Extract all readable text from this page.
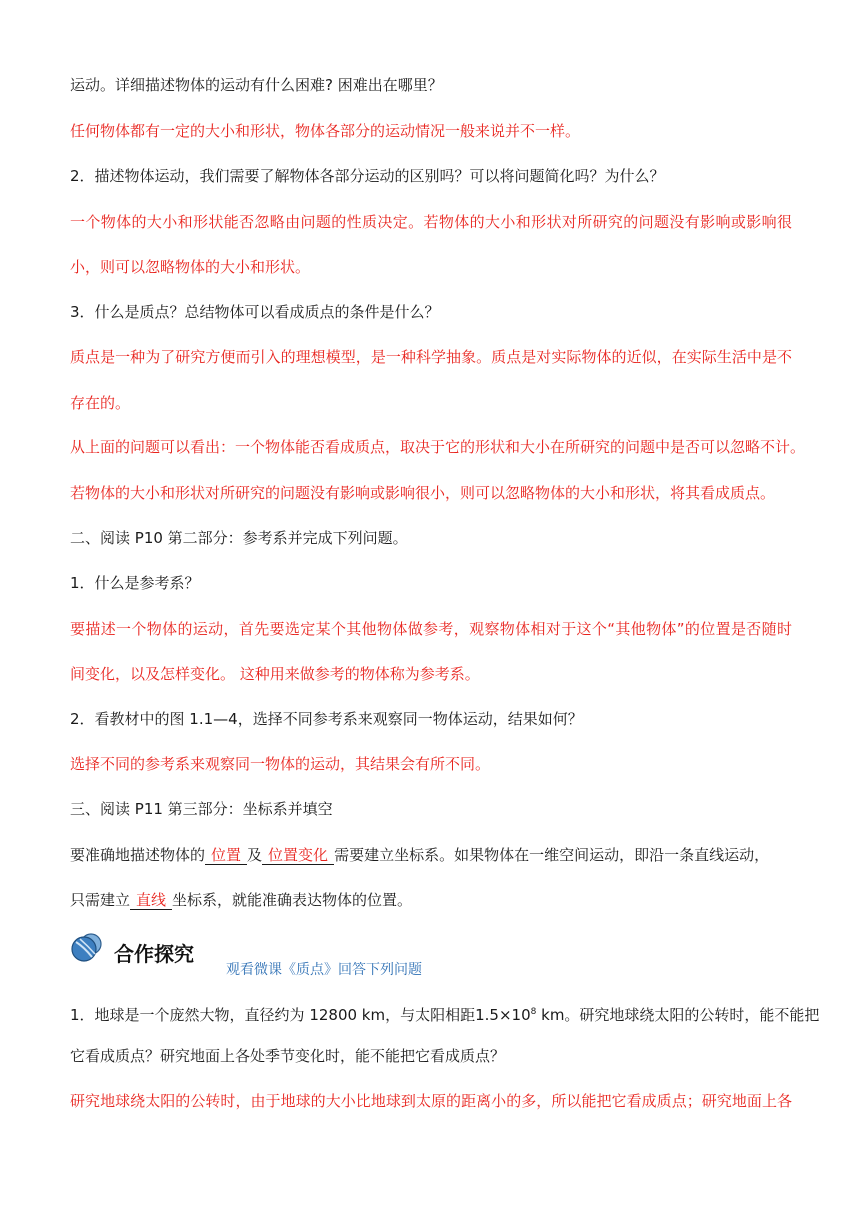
运动。详细描述物体的运动有什么困难? 困难出在哪里？

任何物体都有一定的大小和形状，物体各部分的运动情况一般来说并不一样。

2．描述物体运动，我们需要了解物体各部分运动的区别吗？可以将问题简化吗？为什么？

一个物体的大小和形状能否忽略由问题的性质决定。若物体的大小和形状对所研究的问题没有影响或影响很

小，则可以忽略物体的大小和形状。

3．什么是质点？总结物体可以看成质点的条件是什么？

质点是一种为了研究方便而引入的理想模型，是一种科学抽象。质点是对实际物体的近似，在实际生活中是不

存在的。

从上面的问题可以看出：一个物体能否看成质点，取决于它的形状和大小在所研究的问题中是否可以忽略不计。

若物体的大小和形状对所研究的问题没有影响或影响很小，则可以忽略物体的大小和形状，将其看成质点。

二、阅读 P10 第二部分：参考系并完成下列问题。

1．什么是参考系？

要描述一个物体的运动，首先要选定某个其他物体做参考，观察物体相对于这个“其他物体”的位置是否随时

间变化，以及怎样变化。 这种用来做参考的物体称为参考系。

2．看教材中的图 1.1—4，选择不同参考系来观察同一物体运动，结果如何？

选择不同的参考系来观察同一物体的运动，其结果会有所不同。

三、阅读 P11 第三部分：坐标系并填空

要准确地描述物体的 位置 及 位置变化 需要建立坐标系。如果物体在一维空间运动，即沿一条直线运动，

只需建立 直线 坐标系，就能准确表达物体的位置。

合作探究
观看微课《质点》回答下列问题

1．地球是一个庞然大物，直径约为 12800 km，与太阳相距$1.5\times 10^8$ km。研究地球绕太阳的公转时，能不能把

它看成质点？研究地面上各处季节变化时，能不能把它看成质点？

研究地球绕太阳的公转时，由于地球的大小比地球到太原的距离小的多，所以能把它看成质点；研究地面上各
